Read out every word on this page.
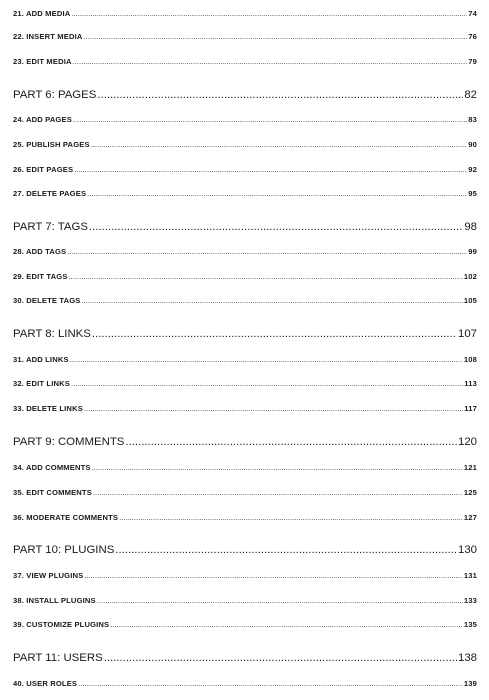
21. ADD MEDIA .....	74
22. INSERT MEDIA .....	76
23. EDIT MEDIA .....	79
PART 6: PAGES .....	82
24. ADD PAGES .....	83
25. PUBLISH PAGES .....	90
26. EDIT PAGES .....	92
27. DELETE PAGES .....	95
PART 7: TAGS .....	98
28. ADD TAGS .....	99
29. EDIT TAGS .....	102
30. DELETE TAGS .....	105
PART 8: LINKS .....	107
31. ADD LINKS .....	108
32. EDIT LINKS .....	113
33. DELETE LINKS .....	117
PART 9: COMMENTS .....	120
34. ADD COMMENTS .....	121
35. EDIT COMMENTS .....	125
36. MODERATE COMMENTS .....	127
PART 10: PLUGINS .....	130
37. VIEW PLUGINS .....	131
38. INSTALL PLUGINS .....	133
39. CUSTOMIZE PLUGINS .....	135
PART 11: USERS .....	138
40. USER ROLES .....	139
